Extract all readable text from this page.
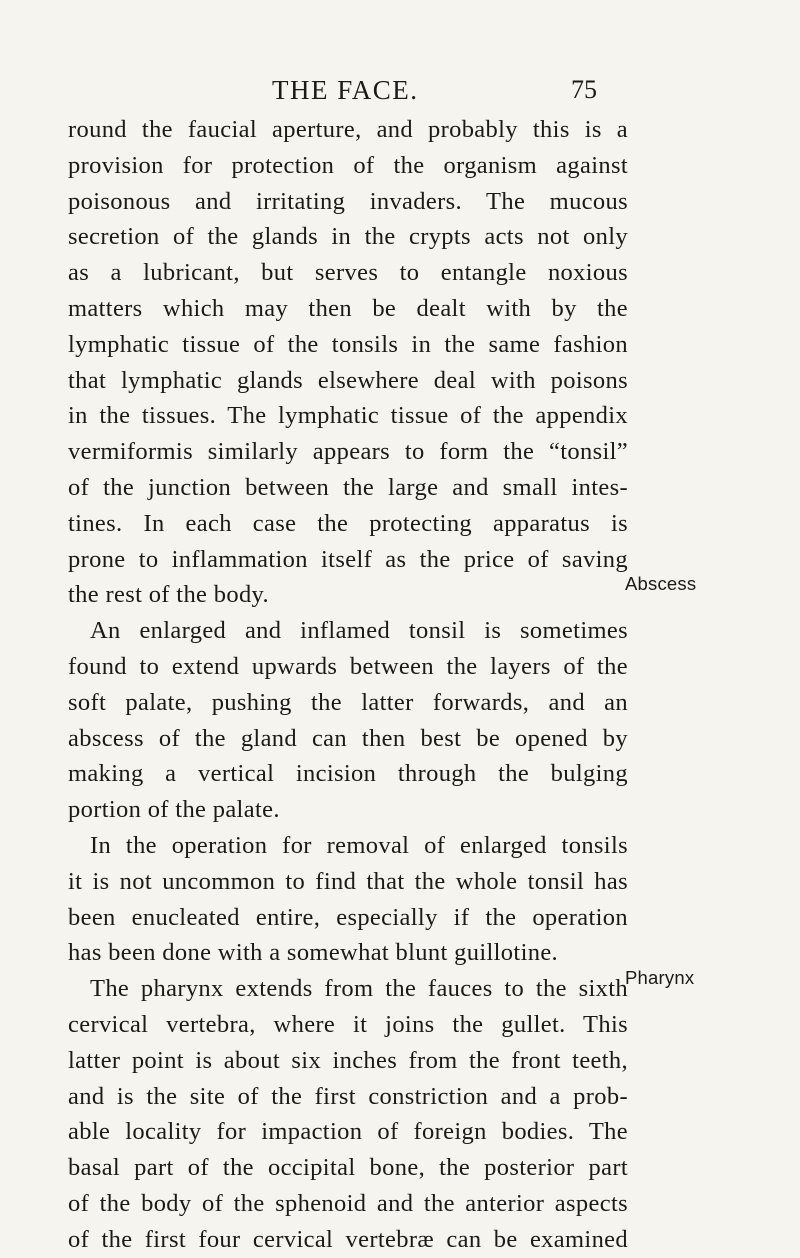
THE FACE.	75
round the faucial aperture, and probably this is a
provision for protection of the organism against
poisonous and irritating invaders. The mucous
secretion of the glands in the crypts acts not only
as a lubricant, but serves to entangle noxious
matters which may then be dealt with by the
lymphatic tissue of the tonsils in the same fashion
that lymphatic glands elsewhere deal with poisons
in the tissues. The lymphatic tissue of the appendix
vermiformis similarly appears to form the “tonsil”
of the junction between the large and small intes-
tines. In each case the protecting apparatus is
prone to inflammation itself as the price of saving
the rest of the body.
An enlarged and inflamed tonsil is sometimes
found to extend upwards between the layers of the
soft palate, pushing the latter forwards, and an
abscess of the gland can then best be opened by
making a vertical incision through the bulging
portion of the palate.
In the operation for removal of enlarged tonsils
it is not uncommon to find that the whole tonsil has
been enucleated entire, especially if the operation
has been done with a somewhat blunt guillotine.
The pharynx extends from the fauces to the sixth
cervical vertebra, where it joins the gullet. This
latter point is about six inches from the front teeth,
and is the site of the first constriction and a prob-
able locality for impaction of foreign bodies. The
basal part of the occipital bone, the posterior part
of the body of the sphenoid and the anterior aspects
of the first four cervical vertebræ can be examined
Abscess
Pharynx
